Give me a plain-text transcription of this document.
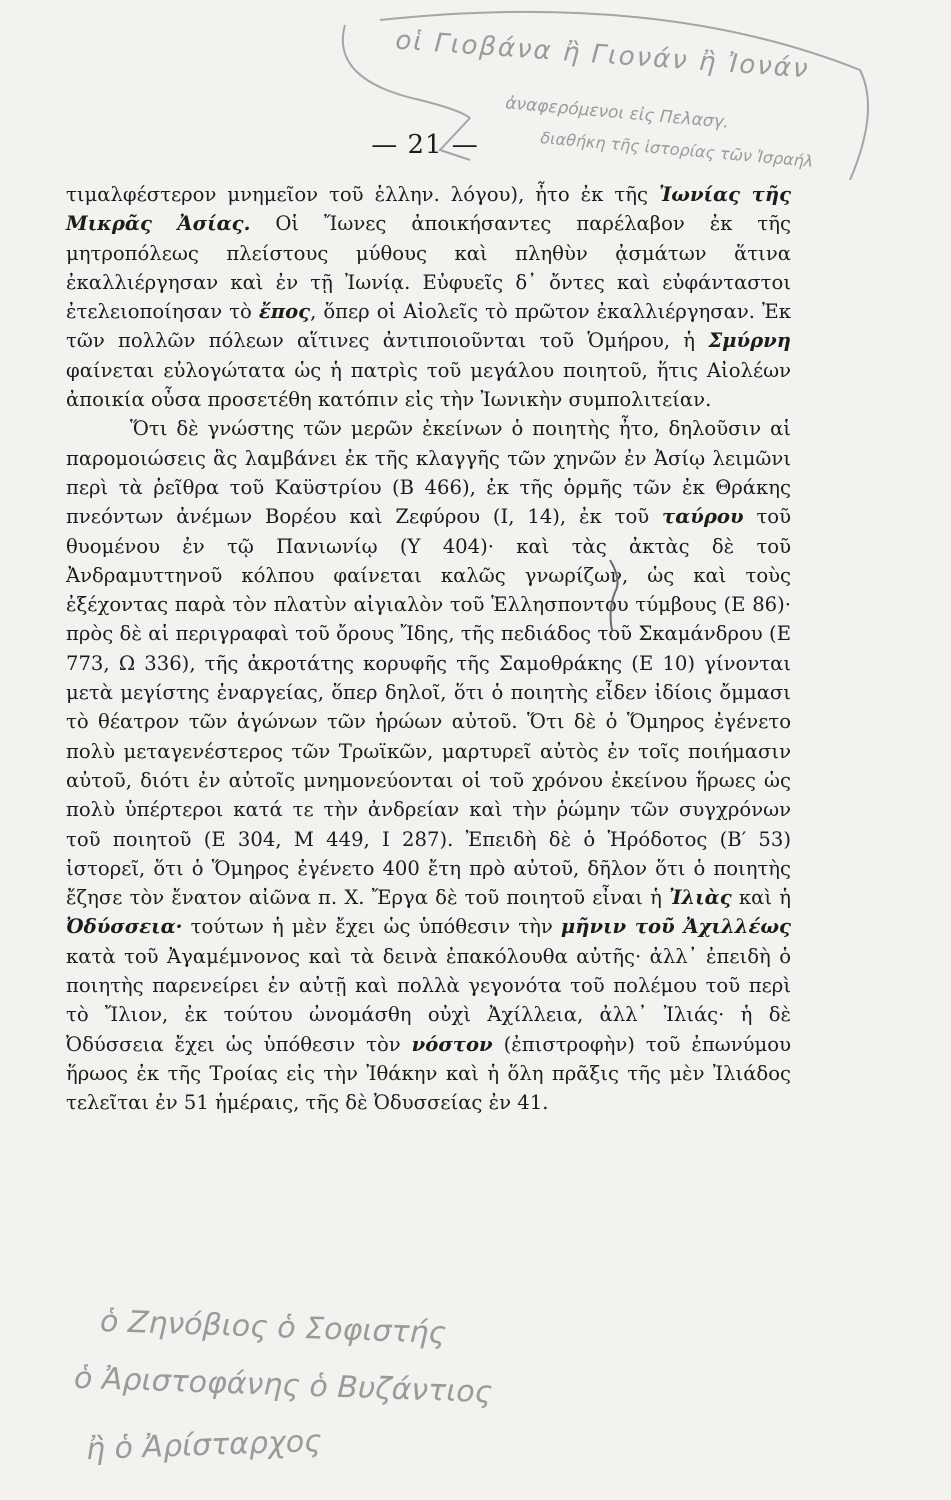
— 21 —

τιμαλφέστερον μνημεῖον τοῦ ἑλλην. λόγου), ἦτο ἐκ τῆς Ἰωνίας τῆς Μικρᾶς Ἀσίας. Οἱ Ἴωνες ἀποικήσαντες παρέλαβον ἐκ τῆς μητροπόλεως πλείστους μύθους καὶ πληθὺν ᾀσμάτων ἅτινα ἐκαλλιέργησαν καὶ ἐν τῇ Ἰωνίᾳ. Εὐφυεῖς δ᾽ ὄντες καὶ εὐφάνταστοι ἐτελειοποίησαν τὸ ἔπος, ὅπερ οἱ Αἰολεῖς τὸ πρῶτον ἐκαλλιέργησαν. Ἐκ τῶν πολλῶν πόλεων αἵτινες ἀντιποιοῦνται τοῦ Ὁμήρου, ἡ Σμύρνη φαίνεται εὐλογώτατα ὡς ἡ πατρὶς τοῦ μεγάλου ποιητοῦ, ἥτις Αἰολέων ἀποικία οὖσα προσετέθη κατόπιν εἰς τὴν Ἰωνικὴν συμπολιτείαν.

Ὅτι δὲ γνώστης τῶν μερῶν ἐκείνων ὁ ποιητὴς ἦτο, δηλοῦσιν αἱ παρομοιώσεις ἃς λαμβάνει ἐκ τῆς κλαγγῆς τῶν χηνῶν ἐν Ἀσίῳ λειμῶνι περὶ τὰ ῥεῖθρα τοῦ Καϋστρίου (Β 466), ἐκ τῆς ὁρμῆς τῶν ἐκ Θράκης πνεόντων ἀνέμων Βορέου καὶ Ζεφύρου (Ι, 14), ἐκ τοῦ ταύρου τοῦ θυομένου ἐν τῷ Πανιωνίῳ (Υ 404)· καὶ τὰς ἀκτὰς δὲ τοῦ Ἀνδραμυττηνοῦ κόλπου φαίνεται καλῶς γνωρίζων, ὡς καὶ τοὺς ἐξέχοντας παρὰ τὸν πλατὺν αἰγιαλὸν τοῦ Ἑλλησποντου τύμβους (Ε 86)· πρὸς δὲ αἱ περιγραφαὶ τοῦ ὄρους Ἴδης, τῆς πεδιάδος τοῦ Σκαμάνδρου (Ε 773, Ω 336), τῆς ἀκροτάτης κορυφῆς τῆς Σαμοθράκης (Ε 10) γίνονται μετὰ μεγίστης ἐναργείας, ὅπερ δηλοῖ, ὅτι ὁ ποιητὴς εἶδεν ἰδίοις ὄμμασι τὸ θέατρον τῶν ἀγώνων τῶν ἡρώων αὐτοῦ. Ὅτι δὲ ὁ Ὅμηρος ἐγένετο πολὺ μεταγενέστερος τῶν Τρωϊκῶν, μαρτυρεῖ αὐτὸς ἐν τοῖς ποιήμασιν αὐτοῦ, διότι ἐν αὐτοῖς μνημονεύονται οἱ τοῦ χρόνου ἐκείνου ἥρωες ὡς πολὺ ὑπέρτεροι κατά τε τὴν ἀνδρείαν καὶ τὴν ῥώμην τῶν συγχρόνων τοῦ ποιητοῦ (Ε 304, Μ 449, Ι 287). Ἐπειδὴ δὲ ὁ Ἡρόδοτος (Β′ 53) ἱστορεῖ, ὅτι ὁ Ὅμηρος ἐγένετο 400 ἔτη πρὸ αὐτοῦ, δῆλον ὅτι ὁ ποιητὴς ἔζησε τὸν ἔνατον αἰῶνα π. Χ. Ἔργα δὲ τοῦ ποιητοῦ εἶναι ἡ Ἰλιὰς καὶ ἡ Ὀδύσσεια· τούτων ἡ μὲν ἔχει ὡς ὑπόθεσιν τὴν μῆνιν τοῦ Ἀχιλλέως κατὰ τοῦ Ἀγαμέμνονος καὶ τὰ δεινὰ ἐπακόλουθα αὐτῆς· ἀλλ᾽ ἐπειδὴ ὁ ποιητὴς παρενείρει ἐν αὐτῇ καὶ πολλὰ γεγονότα τοῦ πολέμου τοῦ περὶ τὸ Ἴλιον, ἐκ τούτου ὠνομάσθη οὐχὶ Ἀχίλλεια, ἀλλ᾽ Ἰλιάς· ἡ δὲ Ὀδύσσεια ἔχει ὡς ὑπόθεσιν τὸν νόστον (ἐπιστροφὴν) τοῦ ἐπωνύμου ἥρωος ἐκ τῆς Τροίας εἰς τὴν Ἰθάκην καὶ ἡ ὅλη πρᾶξις τῆς μὲν Ἰλιάδος τελεῖται ἐν 51 ἡμέραις, τῆς δὲ Ὀδυσσείας ἐν 41.

οἱ Γιοβάνα ἢ Γιονάν ἢ Ἰονάν
ἀναφερόμενοι εἰς Πελασγ.
διαθήκη τῆς ἱστορίας τῶν Ἰσραήλ
ὁ Ζηνόβιος ὁ Σοφιστής
ὁ Ἀριστοφάνης ὁ Βυζάντιος
ἢ ὁ Ἀρίσταρχος
